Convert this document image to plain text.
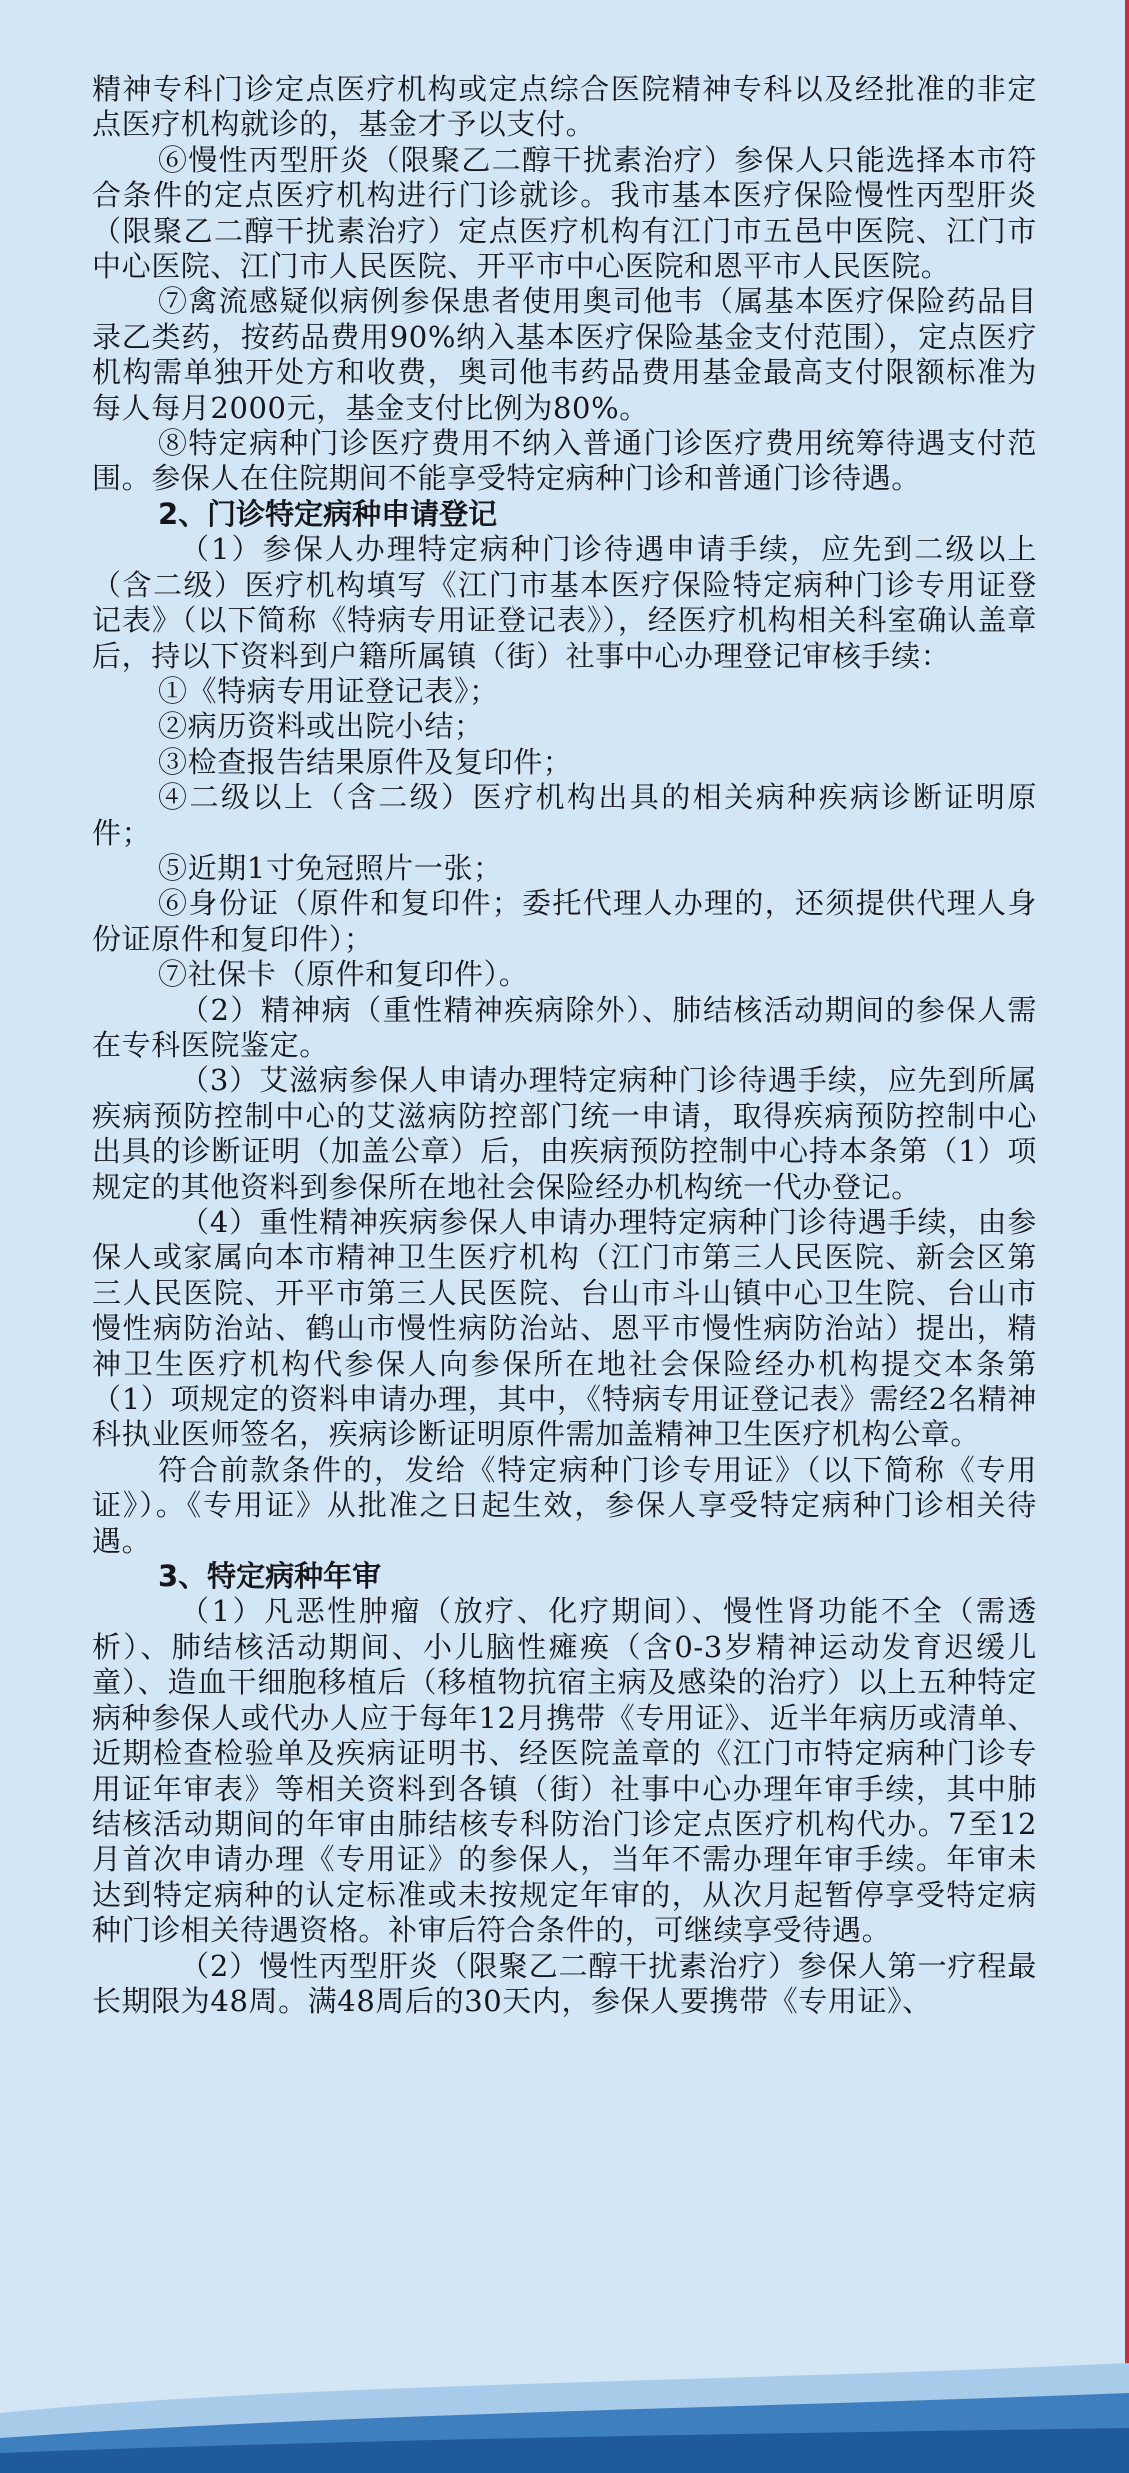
精神专科门诊定点医疗机构或定点综合医院精神专科以及经批准的非定点医疗机构就诊的，基金才予以支付。

⑥慢性丙型肝炎（限聚乙二醇干扰素治疗）参保人只能选择本市符合条件的定点医疗机构进行门诊就诊。我市基本医疗保险慢性丙型肝炎（限聚乙二醇干扰素治疗）定点医疗机构有江门市五邑中医院、江门市中心医院、江门市人民医院、开平市中心医院和恩平市人民医院。

⑦禽流感疑似病例参保患者使用奥司他韦（属基本医疗保险药品目录乙类药，按药品费用90%纳入基本医疗保险基金支付范围），定点医疗机构需单独开处方和收费，奥司他韦药品费用基金最高支付限额标准为每人每月2000元，基金支付比例为80%。

⑧特定病种门诊医疗费用不纳入普通门诊医疗费用统筹待遇支付范围。参保人在住院期间不能享受特定病种门诊和普通门诊待遇。

2、门诊特定病种申请登记

（1）参保人办理特定病种门诊待遇申请手续，应先到二级以上（含二级）医疗机构填写《江门市基本医疗保险特定病种门诊专用证登记表》（以下简称《特病专用证登记表》），经医疗机构相关科室确认盖章后，持以下资料到户籍所属镇（街）社事中心办理登记审核手续：

①《特病专用证登记表》；

②病历资料或出院小结；

③检查报告结果原件及复印件；

④二级以上（含二级）医疗机构出具的相关病种疾病诊断证明原件；

⑤近期1寸免冠照片一张；

⑥身份证（原件和复印件；委托代理人办理的，还须提供代理人身份证原件和复印件）；

⑦社保卡（原件和复印件）。

（2）精神病（重性精神疾病除外）、肺结核活动期间的参保人需在专科医院鉴定。

（3）艾滋病参保人申请办理特定病种门诊待遇手续，应先到所属疾病预防控制中心的艾滋病防控部门统一申请，取得疾病预防控制中心出具的诊断证明（加盖公章）后，由疾病预防控制中心持本条第（1）项规定的其他资料到参保所在地社会保险经办机构统一代办登记。

（4）重性精神疾病参保人申请办理特定病种门诊待遇手续，由参保人或家属向本市精神卫生医疗机构（江门市第三人民医院、新会区第三人民医院、开平市第三人民医院、台山市斗山镇中心卫生院、台山市慢性病防治站、鹤山市慢性病防治站、恩平市慢性病防治站）提出，精神卫生医疗机构代参保人向参保所在地社会保险经办机构提交本条第（1）项规定的资料申请办理，其中，《特病专用证登记表》需经2名精神科执业医师签名，疾病诊断证明原件需加盖精神卫生医疗机构公章。

符合前款条件的，发给《特定病种门诊专用证》（以下简称《专用证》）。《专用证》从批准之日起生效，参保人享受特定病种门诊相关待遇。

3、特定病种年审

（1）凡恶性肿瘤（放疗、化疗期间）、慢性肾功能不全（需透析）、肺结核活动期间、小儿脑性瘫痪（含0-3岁精神运动发育迟缓儿童）、造血干细胞移植后（移植物抗宿主病及感染的治疗）以上五种特定病种参保人或代办人应于每年12月携带《专用证》、近半年病历或清单、近期检查检验单及疾病证明书、经医院盖章的《江门市特定病种门诊专用证年审表》等相关资料到各镇（街）社事中心办理年审手续，其中肺结核活动期间的年审由肺结核专科防治门诊定点医疗机构代办。7至12月首次申请办理《专用证》的参保人，当年不需办理年审手续。年审未达到特定病种的认定标准或未按规定年审的，从次月起暂停享受特定病种门诊相关待遇资格。补审后符合条件的，可继续享受待遇。

（2）慢性丙型肝炎（限聚乙二醇干扰素治疗）参保人第一疗程最长期限为48周。满48周后的30天内，参保人要携带《专用证》、
